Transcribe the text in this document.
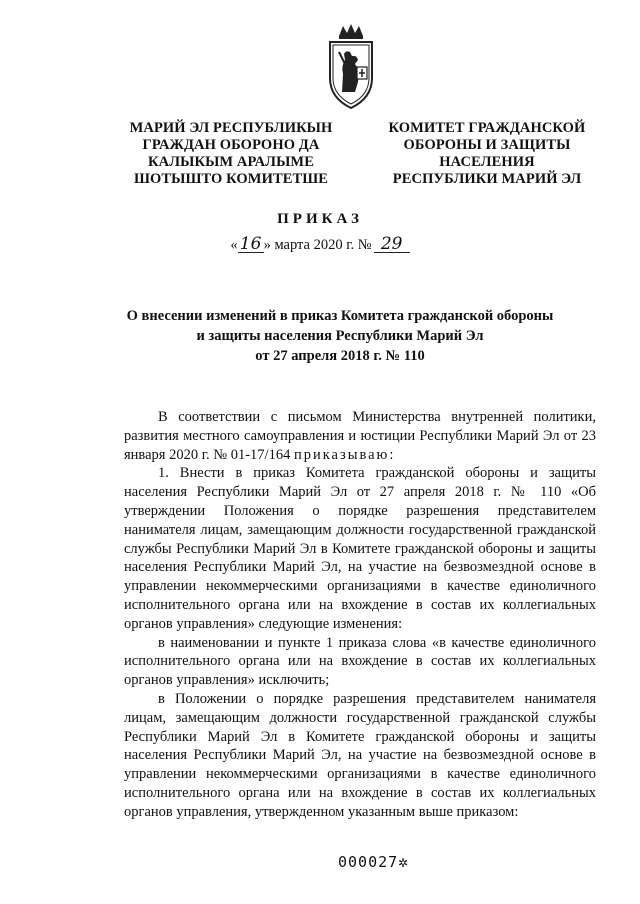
МАРИЙ ЭЛ РЕСПУБЛИКЫН
ГРАЖДАН ОБОРОНО ДА
КАЛЫКЫМ АРАЛЫМЕ
ШОТЫШТО КОМИТЕТШЕ
КОМИТЕТ ГРАЖДАНСКОЙ
ОБОРОНЫ И ЗАЩИТЫ
НАСЕЛЕНИЯ
РЕСПУБЛИКИ МАРИЙ ЭЛ
ПРИКАЗ
« 16 » марта 2020 г. № 29
О внесении изменений в приказ Комитета гражданской обороны
и защиты населения Республики Марий Эл
от 27 апреля 2018 г. № 110

В соответствии с письмом Министерства внутренней политики, развития местного самоуправления и юстиции Республики Марий Эл от 23 января 2020 г. № 01-17/164 приказываю:

1. Внести в приказ Комитета гражданской обороны и защиты населения Республики Марий Эл от 27 апреля 2018 г. № 110 «Об утверждении Положения о порядке разрешения представителем нанимателя лицам, замещающим должности государственной гражданской службы Республики Марий Эл в Комитете гражданской обороны и защиты населения Республики Марий Эл, на участие на безвозмездной основе в управлении некоммерческими организациями в качестве единоличного исполнительного органа или на вхождение в состав их коллегиальных органов управления» следующие изменения:

в наименовании и пункте 1 приказа слова «в качестве единоличного исполнительного органа или на вхождение в состав их коллегиальных органов управления» исключить;

в Положении о порядке разрешения представителем нанимателя лицам, замещающим должности государственной гражданской службы Республики Марий Эл в Комитете гражданской обороны и защиты населения Республики Марий Эл, на участие на безвозмездной основе в управлении некоммерческими организациями в качестве единоличного исполнительного органа или на вхождение в состав их коллегиальных органов управления, утвержденном указанным выше приказом:

000027✲
